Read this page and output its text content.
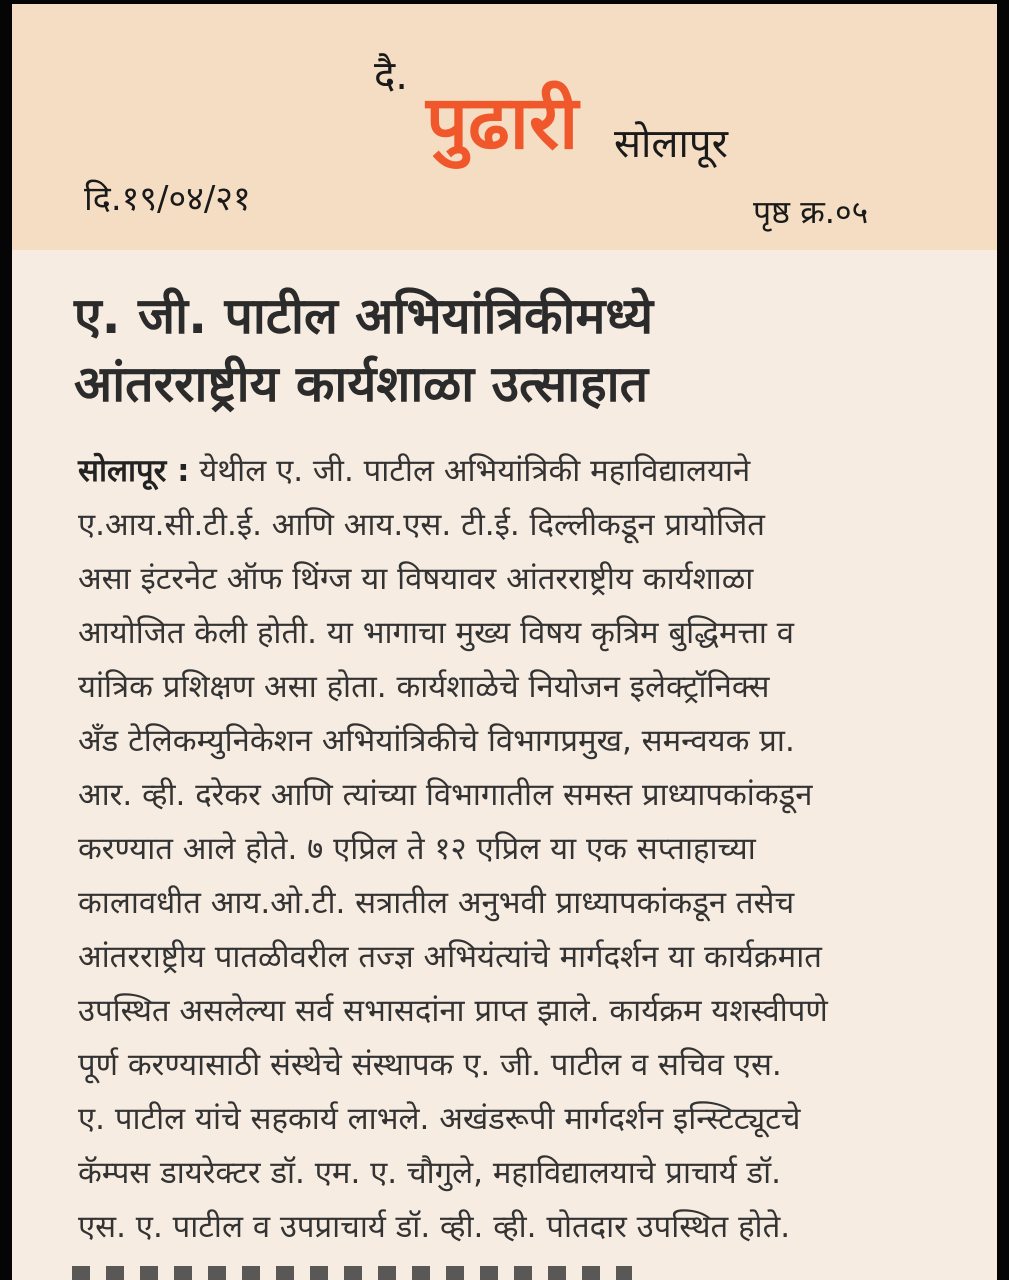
दै.
पुढारी सोलापूर
दि.१९/०४/२१	पृष्ठ क्र.०५
ए. जी. पाटील अभियांत्रिकीमध्ये
आंतरराष्ट्रीय कार्यशाळा उत्साहात
सोलापूर : येथील ए. जी. पाटील अभियांत्रिकी महाविद्यालयाने
ए.आय.सी.टी.ई. आणि आय.एस. टी.ई. दिल्लीकडून प्रायोजित
असा इंटरनेट ऑफ थिंग्ज या विषयावर आंतरराष्ट्रीय कार्यशाळा
आयोजित केली होती. या भागाचा मुख्य विषय कृत्रिम बुद्धिमत्ता व
यांत्रिक प्रशिक्षण असा होता. कार्यशाळेचे नियोजन इलेक्ट्रॉनिक्स
अँड टेलिकम्युनिकेशन अभियांत्रिकीचे विभागप्रमुख, समन्वयक प्रा.
आर. व्ही. दरेकर आणि त्यांच्या विभागातील समस्त प्राध्यापकांकडून
करण्यात आले होते. ७ एप्रिल ते १२ एप्रिल या एक सप्ताहाच्या
कालावधीत आय.ओ.टी. सत्रातील अनुभवी प्राध्यापकांकडून तसेच
आंतरराष्ट्रीय पातळीवरील तज्ज्ञ अभियंत्यांचे मार्गदर्शन या कार्यक्रमात
उपस्थित असलेल्या सर्व सभासदांना प्राप्त झाले. कार्यक्रम यशस्वीपणे
पूर्ण करण्यासाठी संस्थेचे संस्थापक ए. जी. पाटील व सचिव एस.
ए. पाटील यांचे सहकार्य लाभले. अखंडरूपी मार्गदर्शन इन्स्टिट्यूटचे
कॅम्पस डायरेक्टर डॉ. एम. ए. चौगुले, महाविद्यालयाचे प्राचार्य डॉ.
एस. ए. पाटील व उपप्राचार्य डॉ. व्ही. व्ही. पोतदार उपस्थित होते.
